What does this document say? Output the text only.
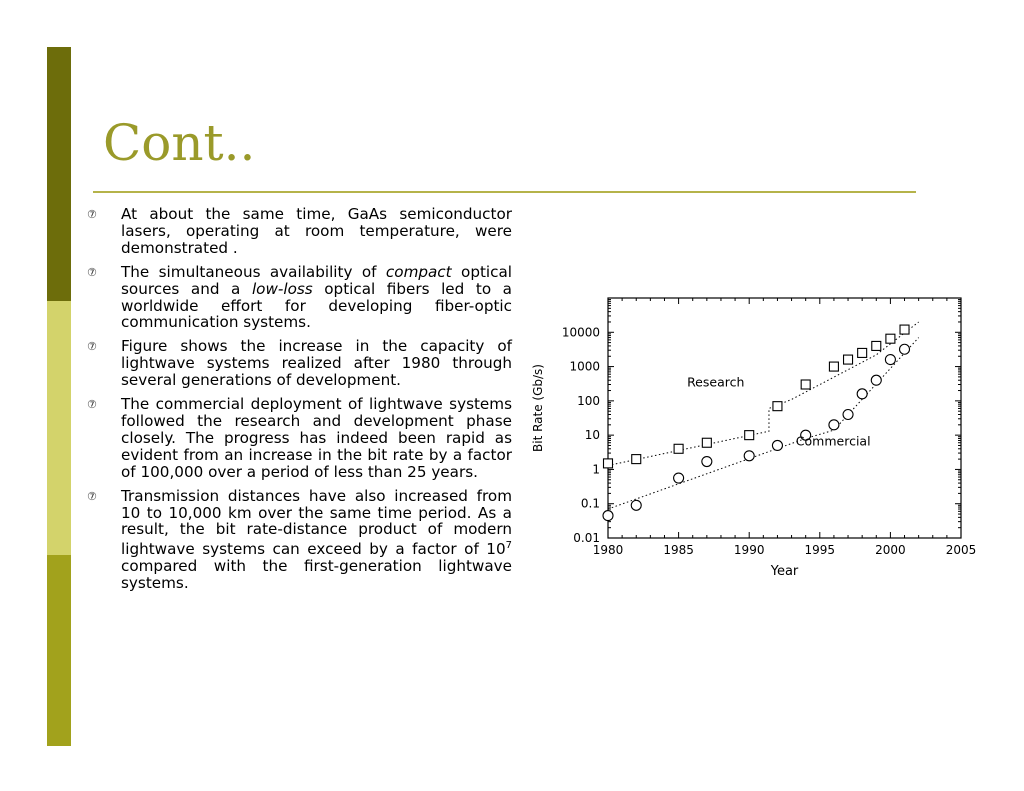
Cont..
⑦ At about the same time, GaAs semiconductor lasers, operating at room temperature, were demonstrated .
⑦ The simultaneous availability of compact optical sources and a low-loss optical fibers led to a worldwide effort for developing fiber-optic communication systems.
⑦ Figure shows the increase in the capacity of lightwave systems realized after 1980 through several generations of development.
⑦ The commercial deployment of lightwave systems followed the research and development phase closely. The progress has indeed been rapid as evident from an increase in the bit rate by a factor of 100,000 over a period of less than 25 years.
⑦ Transmission distances have also increased from 10 to 10,000 km over the same time period. As a result, the bit rate-distance product of modern lightwave systems can exceed by a factor of $10^7$ compared with the first-generation lightwave systems.
1980	1985	1990	1995	2000	2005
0.01
0.1
1
10
100
1000
10000
Year
Bit Rate (Gb/s)	Research
Commercial
